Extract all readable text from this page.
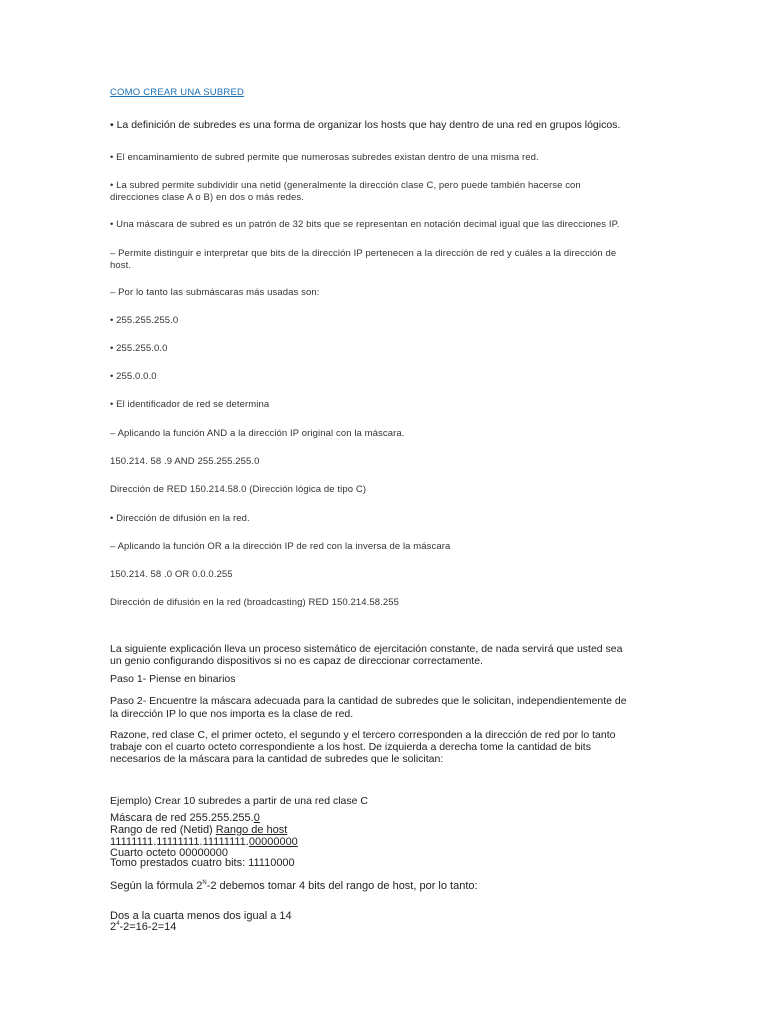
COMO CREAR UNA SUBRED

• La definición de subredes es una forma de organizar los hosts que hay dentro de una red en grupos lógicos.

• El encaminamiento de subred permite que numerosas subredes existan dentro de una misma red.

• La subred permite subdividir una netid (generalmente la dirección clase C, pero puede también hacerse con

direcciones clase A o B) en dos o más redes.

• Una máscara de subred es un patrón de 32 bits que se representan en notación decimal igual que las direcciones IP.

– Permite distinguir e interpretar que bits de la dirección IP pertenecen a la dirección de red y cuáles a la dirección de

host.

– Por lo tanto las submáscaras más usadas son:

• 255.255.255.0

• 255.255.0.0

• 255.0.0.0

• El identificador de red se determina

– Aplicando la función AND a la dirección IP original con la máscara.

150.214. 58 .9 AND 255.255.255.0

Dirección de RED 150.214.58.0 (Dirección lógica de tipo C)

• Dirección de difusión en la red.

– Aplicando la función OR a la dirección IP de red con la inversa de la máscara

150.214. 58 .0 OR 0.0.0.255

Dirección de difusión en la red (broadcasting) RED 150.214.58.255

La siguiente explicación lleva un proceso sistemático de ejercitación constante, de nada servirá que usted sea

un genio configurando dispositivos si no es capaz de direccionar correctamente.

Paso 1- Piense en binarios

Paso 2- Encuentre la máscara adecuada para la cantidad de subredes que le solicitan, independientemente de

la dirección IP lo que nos importa es la clase de red.

Razone, red clase C, el primer octeto, el segundo y el tercero corresponden a la dirección de red por lo tanto

trabaje con el cuarto octeto correspondiente a los host. De izquierda a derecha tome la cantidad de bits

necesarios de la máscara para la cantidad de subredes que le solicitan:

Ejemplo) Crear 10 subredes a partir de una red clase C

Máscara de red 255.255.255.0

Rango de red (Netid) Rango de host

11111111.11111111.11111111.00000000

Cuarto octeto 00000000

Tomo prestados cuatro bits: 11110000

Según la fórmula $2^N-2$ debemos tomar 4 bits del rango de host, por lo tanto:

Dos a la cuarta menos dos igual a 14

$2^4-2=16-2=14$
